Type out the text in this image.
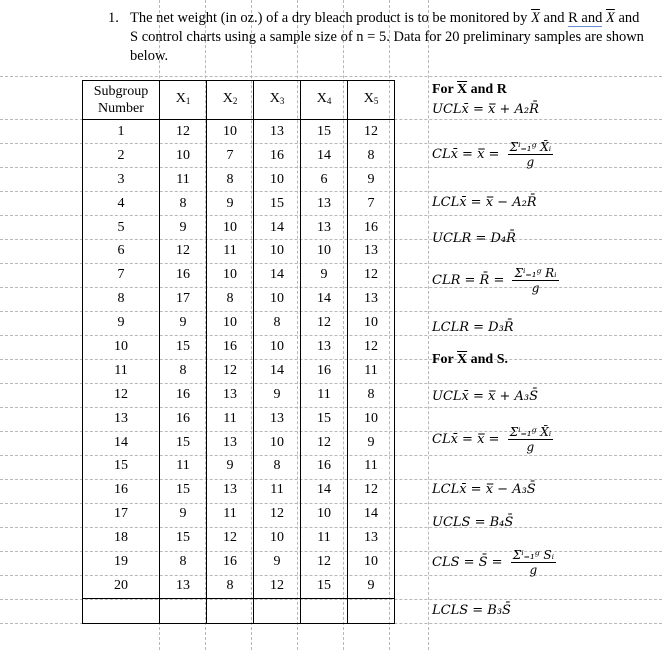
1. The net weight (in oz.) of a dry bleach product is to be monitored by $\overline{X}$ and R and $\overline{X}$ and S control charts using a sample size of n = 5. Data for 20 preliminary samples are shown below.
Subgroup Number	$X_1$	$X_2$	$X_3$	$X_4$	$X_5$
1	12	10	13	15	12
2	10	7	16	14	8
3	11	8	10	6	9
4	8	9	15	13	7
5	9	10	14	13	16
6	12	11	10	10	13
7	16	10	14	9	12
8	17	8	10	14	13
9	9	10	8	12	10
10	15	16	10	13	12
11	8	12	14	16	11
12	16	13	9	11	8
13	16	11	13	15	10
14	15	13	10	12	9
15	11	9	8	16	11
16	15	13	11	14	12
17	9	11	12	10	14
18	15	12	10	11	13
19	8	16	9	12	10
20	13	8	12	15	9

For $\overline{X}$ and R
UCLx̄ = x̿ + A₂R̄
CLx̄ = x̿ = $\frac{\text{Σⁱ₌₁ᵍ X̄ᵢ}}{g}$
LCLx̄ = x̿ − A₂R̄
UCLR = D₄R̄
CLR = R̄ = $\frac{\text{Σⁱ₌₁ᵍ Rᵢ}}{g}$
LCLR = D₃R̄
For $\overline{X}$ and S.
UCLx̄ = x̿ + A₃S̄
CLx̄ = x̿ = $\frac{\text{Σⁱ₌₁ᵍ X̄ᵢ}}{g}$
LCLx̄ = x̿ − A₃S̄
UCLS = B₄S̄
CLS = S̄ = $\frac{\text{Σⁱ₌₁ᵍ Sᵢ}}{g}$
LCLS = B₃S̄
